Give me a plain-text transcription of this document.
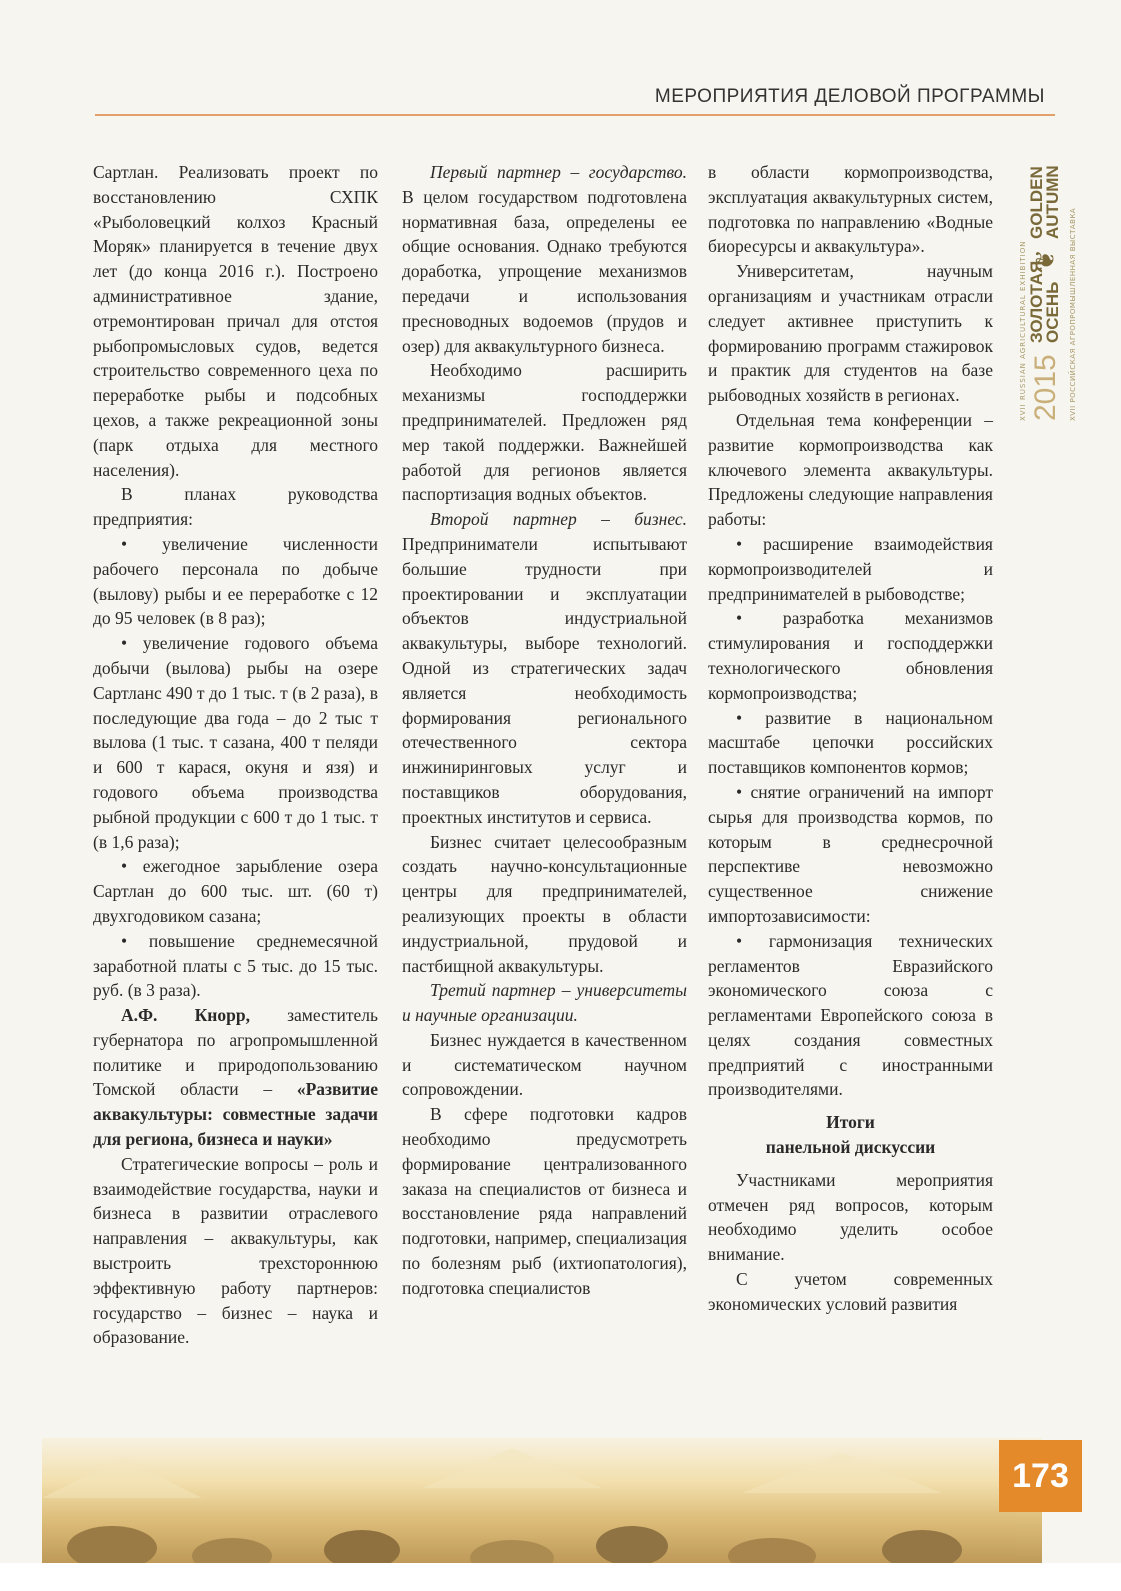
МЕРОПРИЯТИЯ ДЕЛОВОЙ ПРОГРАММЫ
XVII RUSSIAN AGRICULTURAL EXHIBITION 2015
ЗОЛОТАЯ
ОСЕНЬ
❦
GOLDEN
AUTUMN
XVII РОССИЙСКАЯ АГРОПРОМЫШЛЕННАЯ ВЫСТАВКА

Сартлан. Реализовать проект по восстановлению СХПК «Рыболовецкий колхоз Красный Моряк» планируется в течение двух лет (до конца 2016 г.). Построено административное здание, отремонтирован причал для отстоя рыбопромысловых судов, ведется строительство современного цеха по переработке рыбы и подсобных цехов, а также рекреационной зоны (парк отдыха для местного населения).

В планах руководства предприятия:

• увеличение численности рабочего персонала по добыче (вылову) рыбы и ее переработке с 12 до 95 человек (в 8 раз);

• увеличение годового объема добычи (вылова) рыбы на озере Сартланс 490 т до 1 тыс. т (в 2 раза), в последующие два года – до 2 тыс т вылова (1 тыс. т сазана, 400 т пеляди и 600 т карася, окуня и язя) и годового объема производства рыбной продукции с 600 т до 1 тыс. т (в 1,6 раза);

• ежегодное зарыбление озера Сартлан до 600 тыс. шт. (60 т) двухгодовиком сазана;

• повышение среднемесячной заработной платы с 5 тыс. до 15 тыс. руб. (в 3 раза).

А.Ф. Кнорр, заместитель губернатора по агропромышленной политике и природопользованию Томской области – «Развитие аквакультуры: совместные задачи для региона, бизнеса и науки»

Стратегические вопросы – роль и взаимодействие государства, науки и бизнеса в развитии отраслевого направления – аквакультуры, как выстроить трехстороннюю эффективную работу партнеров: государство – бизнес – наука и образование.

Первый партнер – государство. В целом государством подготовлена нормативная база, определены ее общие основания. Однако требуются доработка, упрощение механизмов передачи и использования пресноводных водоемов (прудов и озер) для аквакультурного бизнеса.

Необходимо расширить механизмы господдержки предпринимателей. Предложен ряд мер такой поддержки. Важнейшей работой для регионов является паспортизация водных объектов.

Второй партнер – бизнес. Предприниматели испытывают большие трудности при проектировании и эксплуатации объектов индустриальной аквакультуры, выборе технологий. Одной из стратегических задач является необходимость формирования регионального отечественного сектора инжиниринговых услуг и поставщиков оборудования, проектных институтов и сервиса.

Бизнес считает целесообразным создать научно-консультационные центры для предпринимателей, реализующих проекты в области индустриальной, прудовой и пастбищной аквакультуры.

Третий партнер – университеты и научные организации.

Бизнес нуждается в качественном и систематическом научном сопровождении.

В сфере подготовки кадров необходимо предусмотреть формирование централизованного заказа на специалистов от бизнеса и восстановление ряда направлений подготовки, например, специализация по болезням рыб (ихтиопатология), подготовка специалистов

в области кормопроизводства, эксплуатация аквакультурных систем, подготовка по направлению «Водные биоресурсы и аквакультура».

Университетам, научным организациям и участникам отрасли следует активнее приступить к формированию программ стажировок и практик для студентов на базе рыбоводных хозяйств в регионах.

Отдельная тема конференции – развитие кормопроизводства как ключевого элемента аквакультуры. Предложены следующие направления работы:

• расширение взаимодействия кормопроизводителей и предпринимателей в рыбоводстве;

• разработка механизмов стимулирования и господдержки технологического обновления кормопроизводства;

• развитие в национальном масштабе цепочки российских поставщиков компонентов кормов;

• снятие ограничений на импорт сырья для производства кормов, по которым в среднесрочной перспективе невозможно существенное снижение импортозависимости:

• гармонизация технических регламентов Евразийского экономического союза с регламентами Европейского союза в целях создания совместных предприятий с иностранными производителями.

Итоги
панельной дискуссии

Участниками мероприятия отмечен ряд вопросов, которым необходимо уделить особое внимание.

С учетом современных экономических условий развития

173
